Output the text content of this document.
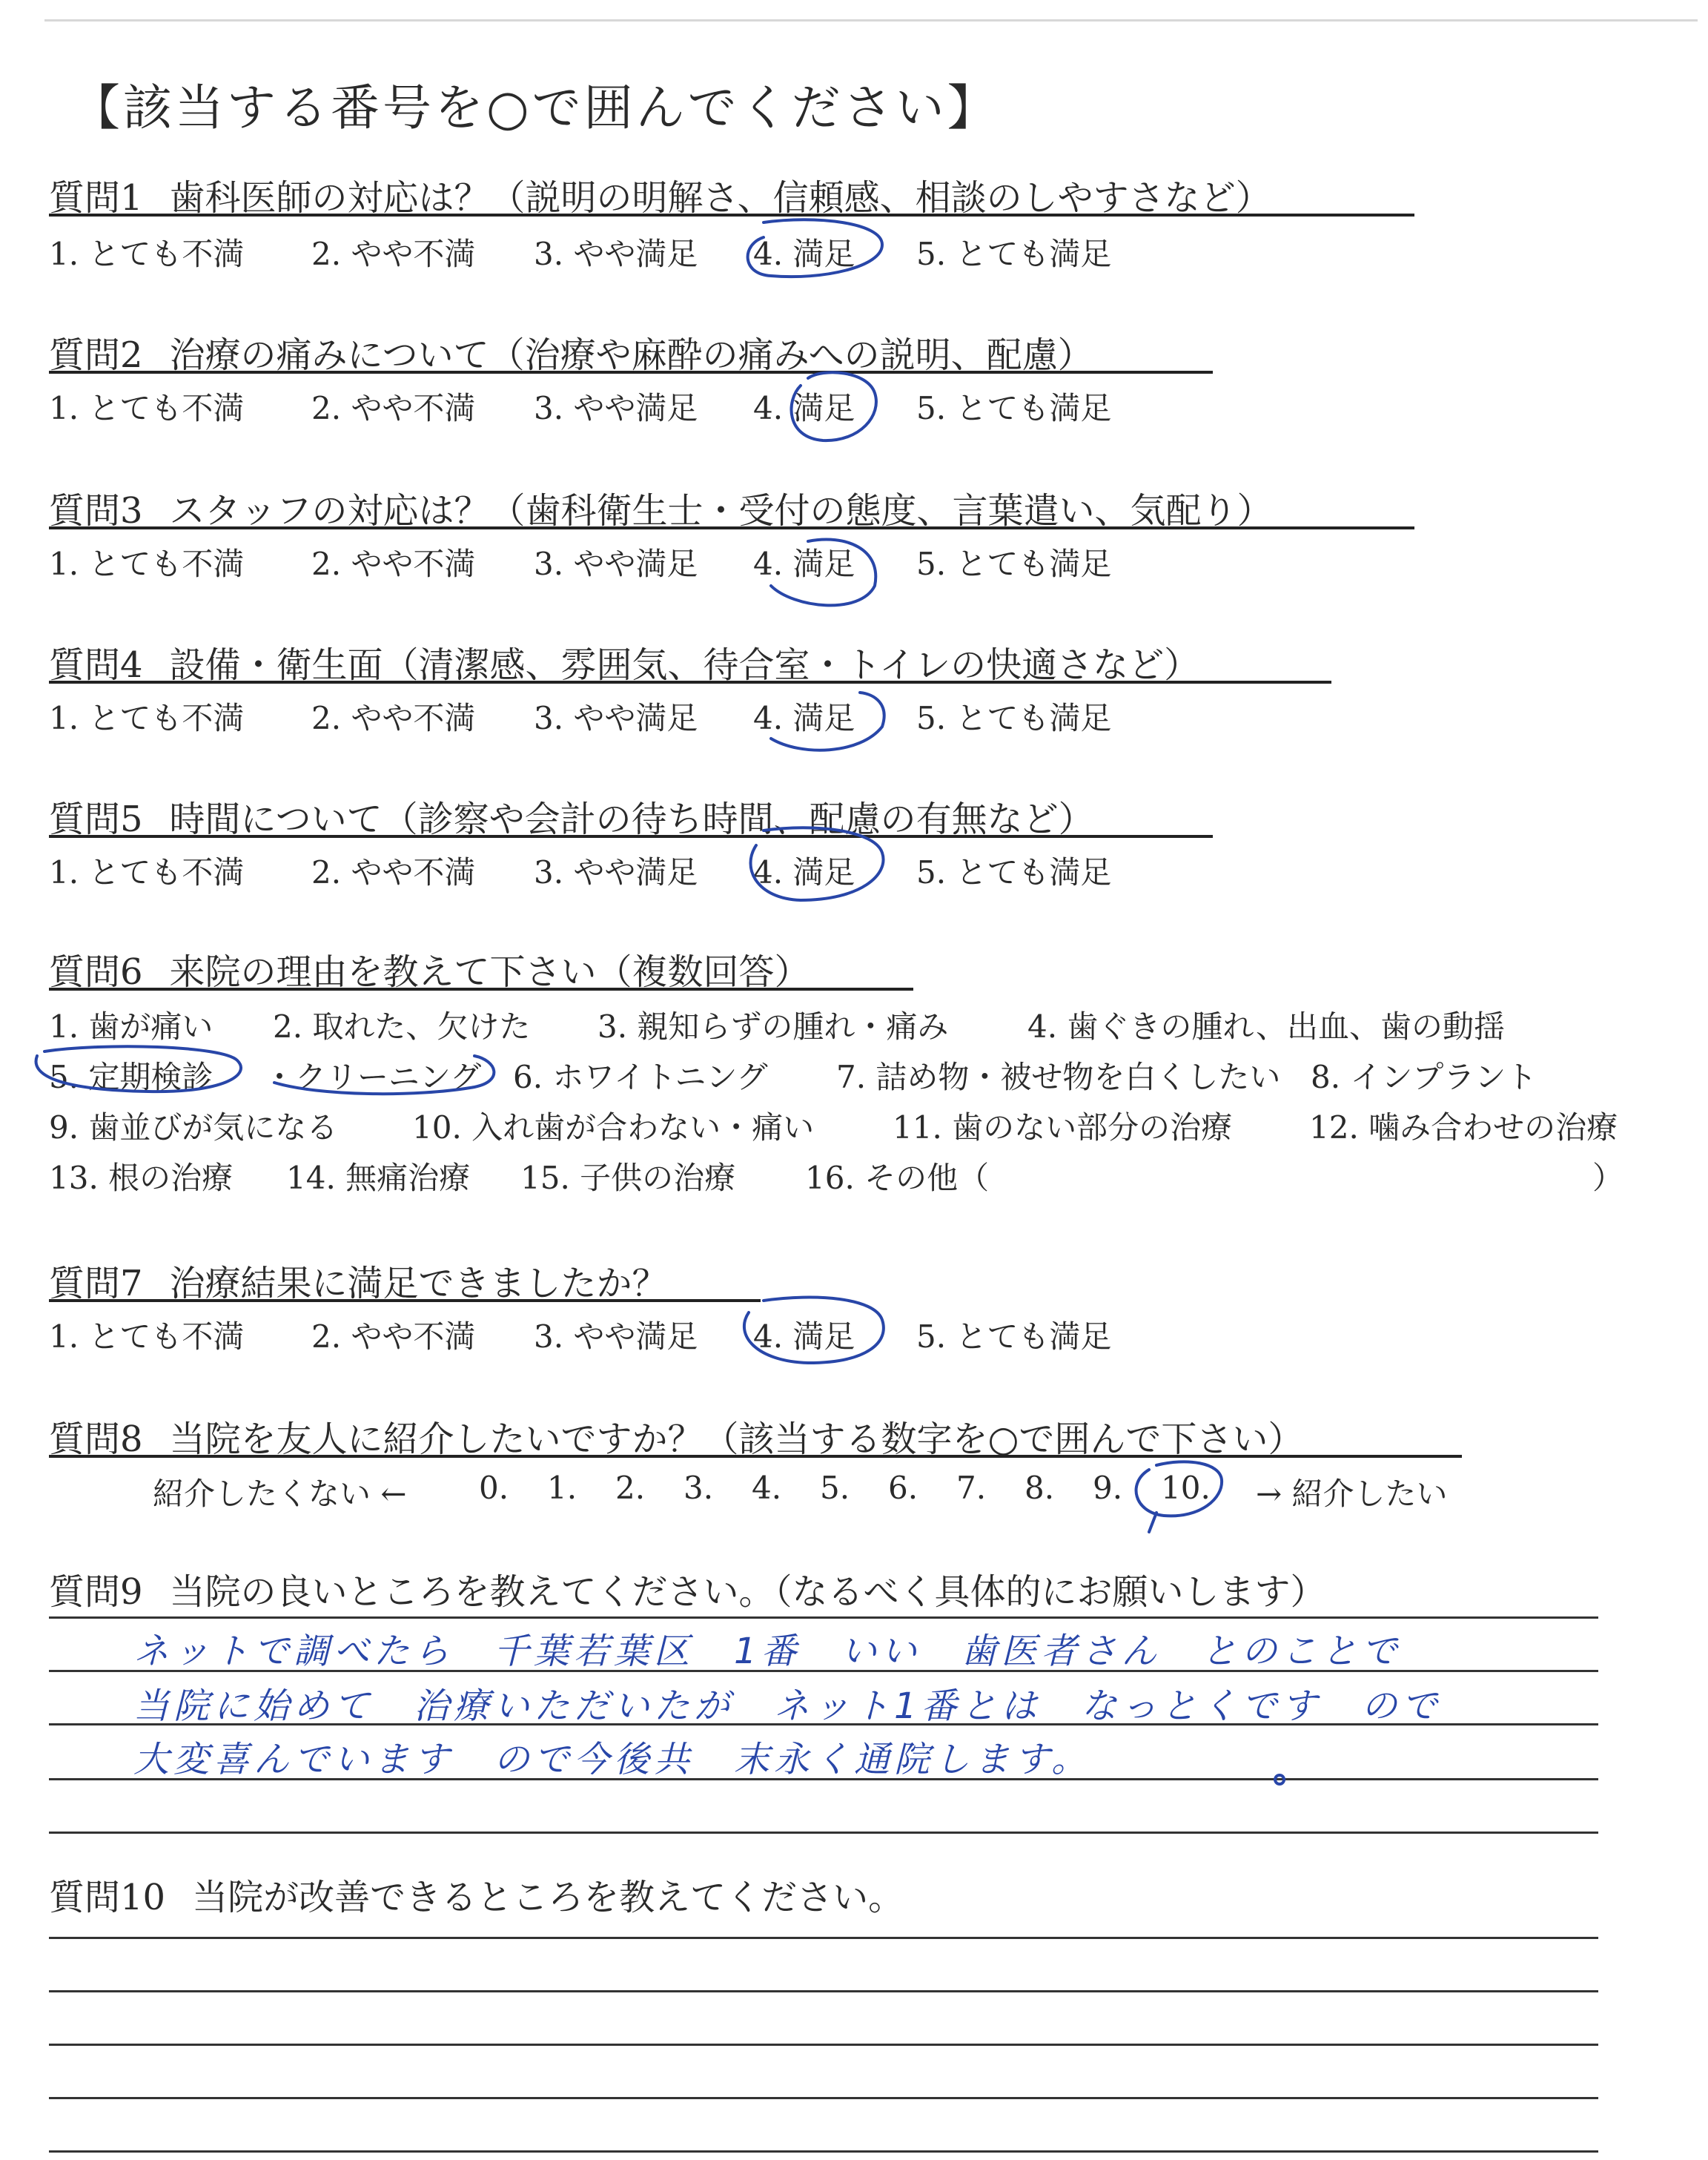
【該当する番号を○で囲んでください】
質問1 歯科医師の対応は？（説明の明解さ、信頼感、相談のしやすさなど）
1. とても不満 2. やや不満 3. やや満足 4. 満足 5. とても満足
質問2 治療の痛みについて（治療や麻酔の痛みへの説明、配慮）
1. とても不満 2. やや不満 3. やや満足 4. 満足 5. とても満足
質問3 スタッフの対応は？（歯科衛生士・受付の態度、言葉遣い、気配り）
1. とても不満 2. やや不満 3. やや満足 4. 満足 5. とても満足
質問4 設備・衛生面（清潔感、雰囲気、待合室・トイレの快適さなど）
1. とても不満 2. やや不満 3. やや満足 4. 満足 5. とても満足
質問5 時間について（診察や会計の待ち時間、配慮の有無など）
1. とても不満 2. やや不満 3. やや満足 4. 満足 5. とても満足
質問6 来院の理由を教えて下さい（複数回答）
1. 歯が痛い 2. 取れた、欠けた 3. 親知らずの腫れ・痛み	4. 歯ぐきの腫れ、出血、歯の動揺
5. 定期検診 ・クリーニング 6. ホワイトニング 7. 詰め物・被せ物を白くしたい 8. インプラント
9. 歯並びが気になる 10. 入れ歯が合わない・痛い	11. 歯のない部分の治療 12. 噛み合わせの治療
13. 根の治療 14. 無痛治療 15. 子供の治療 16. その他（	）
質問7 治療結果に満足できましたか？
1. とても不満 2. やや不満 3. やや満足 4. 満足 5. とても満足
質問8 当院を友人に紹介したいですか？（該当する数字を○で囲んで下さい）
紹介したくない ← 0. 1. 2. 3. 4. 5. 6. 7. 8. 9. 10. → 紹介したい
質問9 当院の良いところを教えてください。（なるべく具体的にお願いします）
ネットで調べたら　千葉若葉区　1番　いい　歯医者さん　とのことで
当院に始めて　治療いただいたが　ネット1番とは　なっとくです　ので
大変喜んでいます　ので今後共　末永く通院します。
質問10 当院が改善できるところを教えてください。
